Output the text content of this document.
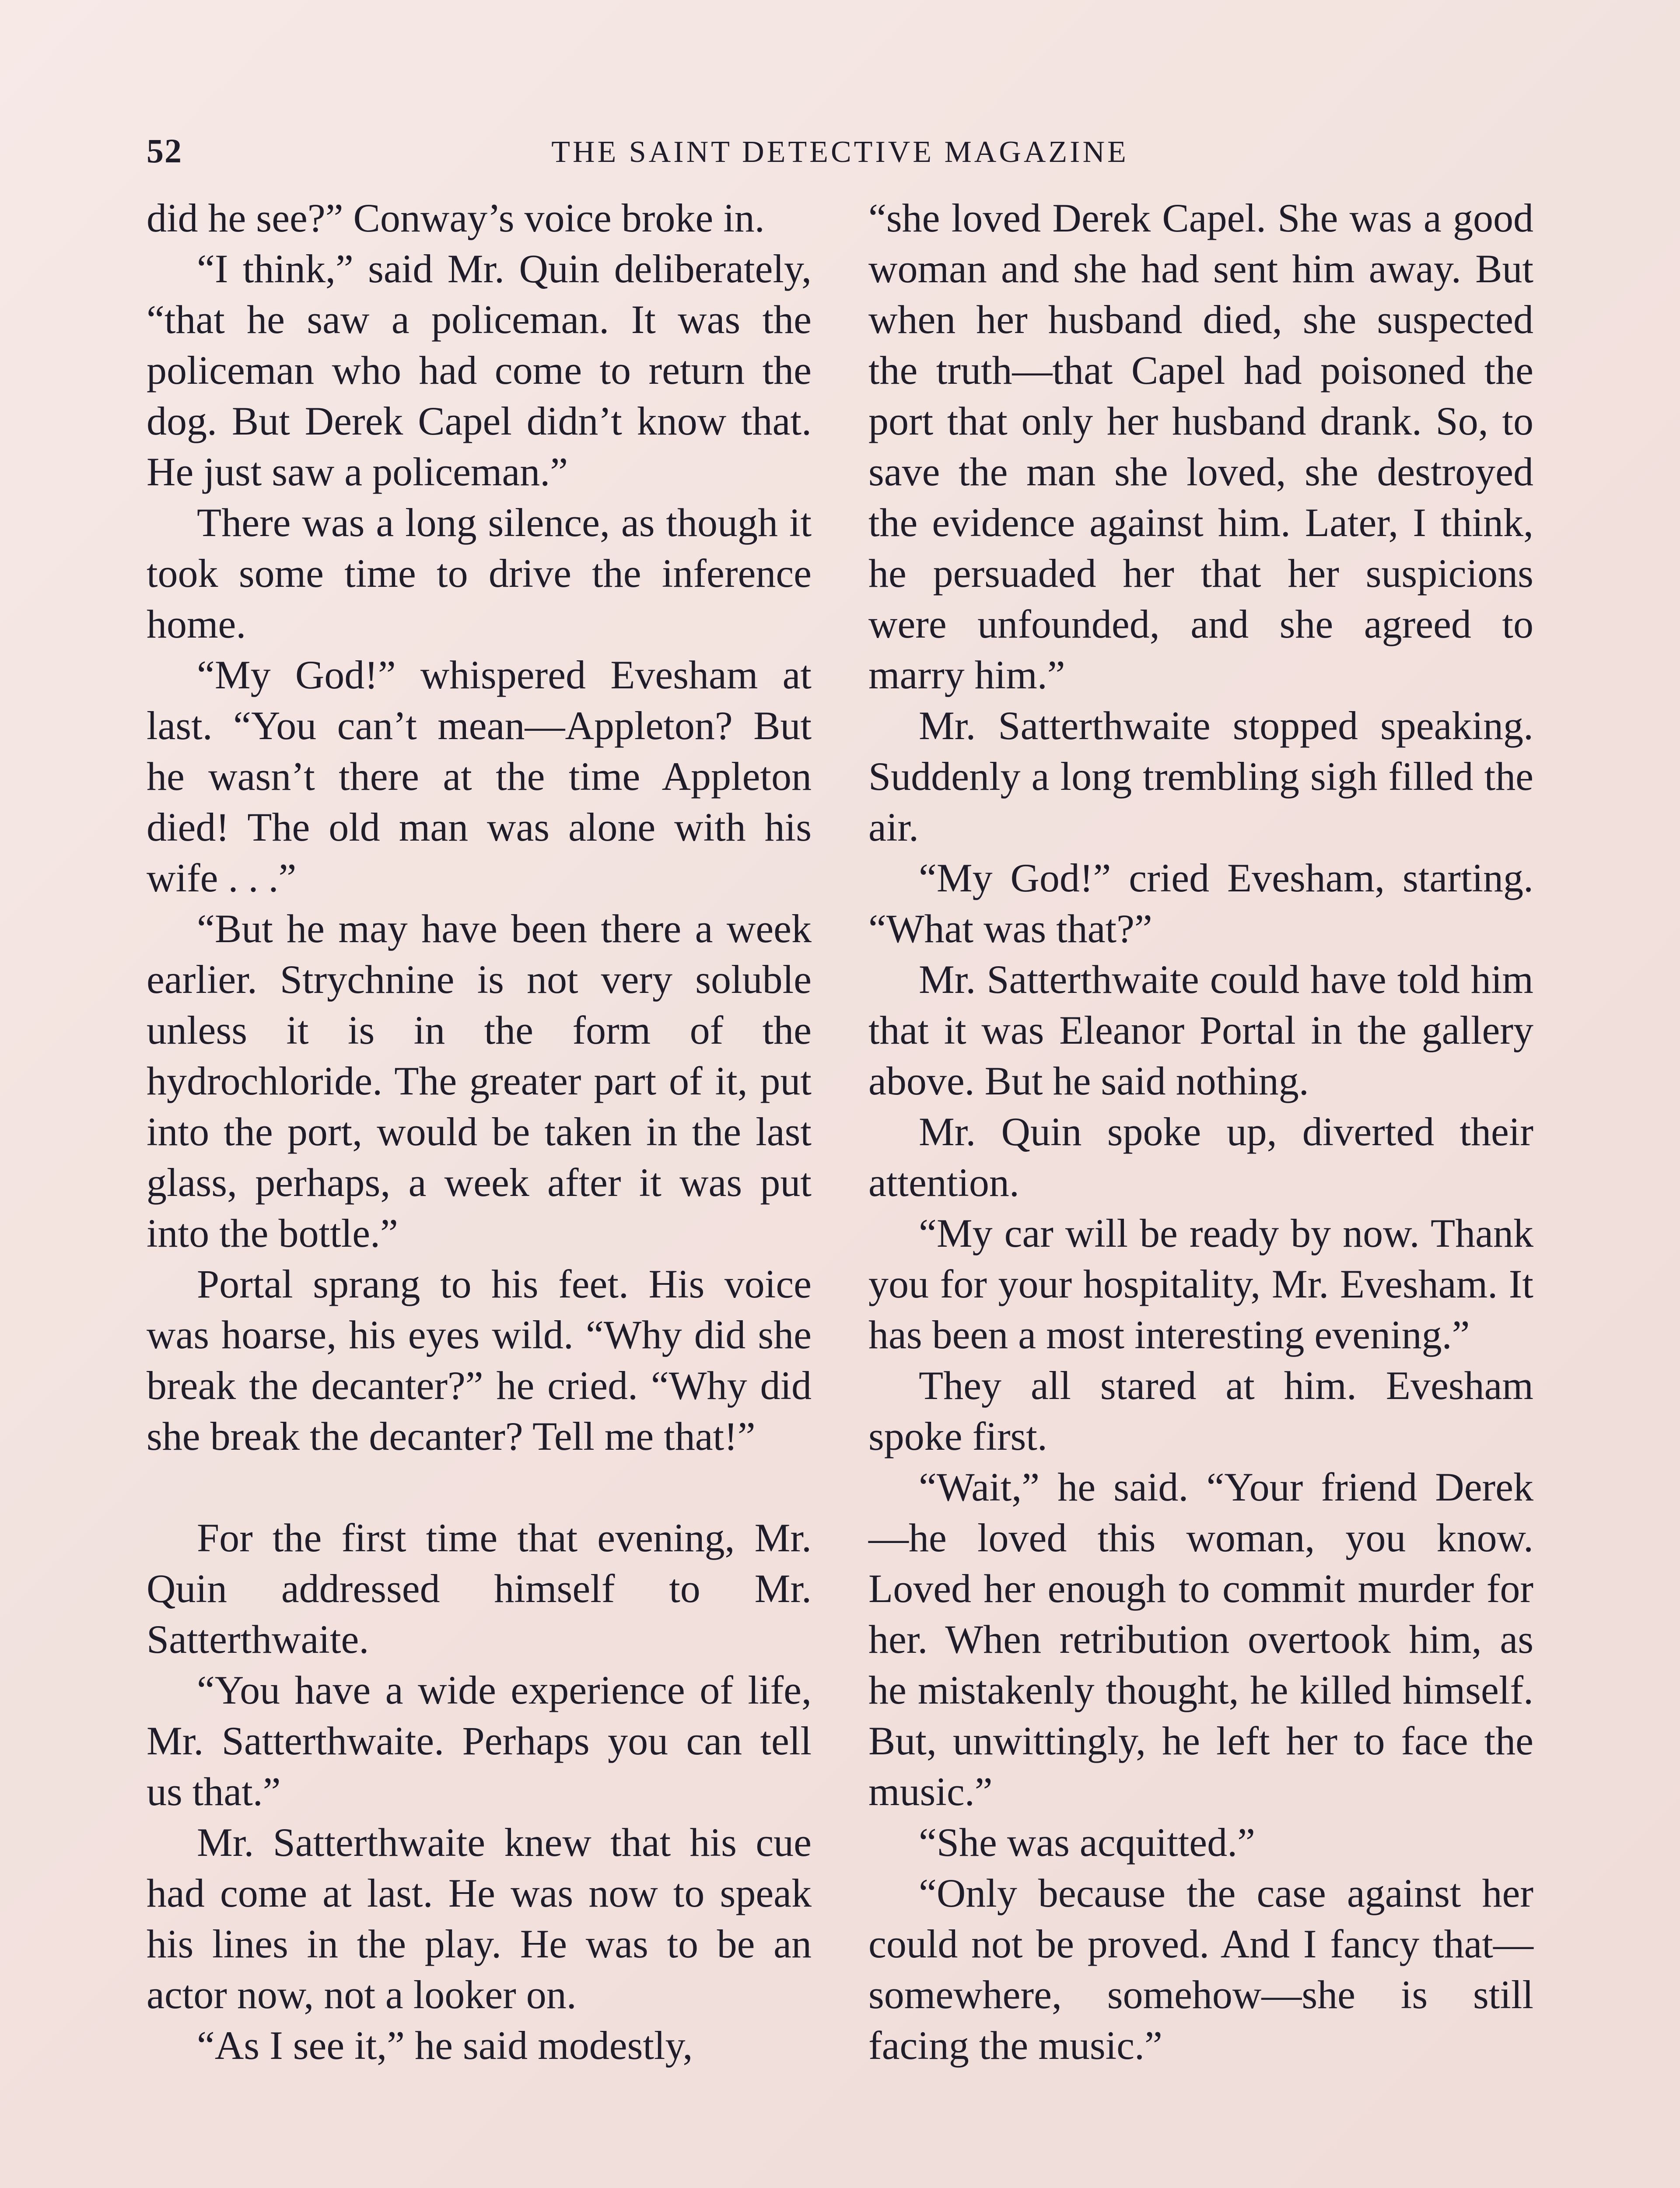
52	THE SAINT DETECTIVE MAGAZINE

did he see?” Conway’s voice broke in.

“I think,” said Mr. Quin deliberately, “that he saw a policeman. It was the policeman who had come to return the dog. But Derek Capel didn’t know that. He just saw a policeman.”

There was a long silence, as though it took some time to drive the inference home.

“My God!” whispered Evesham at last. “You can’t mean—Appleton? But he wasn’t there at the time Appleton died! The old man was alone with his wife . . .”

“But he may have been there a week earlier. Strychnine is not very soluble unless it is in the form of the hydrochloride. The greater part of it, put into the port, would be taken in the last glass, perhaps, a week after it was put into the bottle.”

Portal sprang to his feet. His voice was hoarse, his eyes wild. “Why did she break the decanter?” he cried. “Why did she break the decanter? Tell me that!”

For the first time that evening, Mr. Quin addressed himself to Mr. Satterthwaite.

“You have a wide experience of life, Mr. Satterthwaite. Perhaps you can tell us that.”

Mr. Satterthwaite knew that his cue had come at last. He was now to speak his lines in the play. He was to be an actor now, not a looker on.

“As I see it,” he said modestly,

“she loved Derek Capel. She was a good woman and she had sent him away. But when her husband died, she suspected the truth—that Capel had poisoned the port that only her husband drank. So, to save the man she loved, she destroyed the evidence against him. Later, I think, he persuaded her that her suspicions were unfounded, and she agreed to marry him.”

Mr. Satterthwaite stopped speaking. Suddenly a long trembling sigh filled the air.

“My God!” cried Evesham, starting. “What was that?”

Mr. Satterthwaite could have told him that it was Eleanor Portal in the gallery above. But he said nothing.

Mr. Quin spoke up, diverted their attention.

“My car will be ready by now. Thank you for your hospitality, Mr. Evesham. It has been a most interesting evening.”

They all stared at him. Evesham spoke first.

“Wait,” he said. “Your friend Derek—he loved this woman, you know. Loved her enough to commit murder for her. When retribution overtook him, as he mistakenly thought, he killed himself. But, unwittingly, he left her to face the music.”

“She was acquitted.”

“Only because the case against her could not be proved. And I fancy that—somewhere, somehow—she is still facing the music.”
